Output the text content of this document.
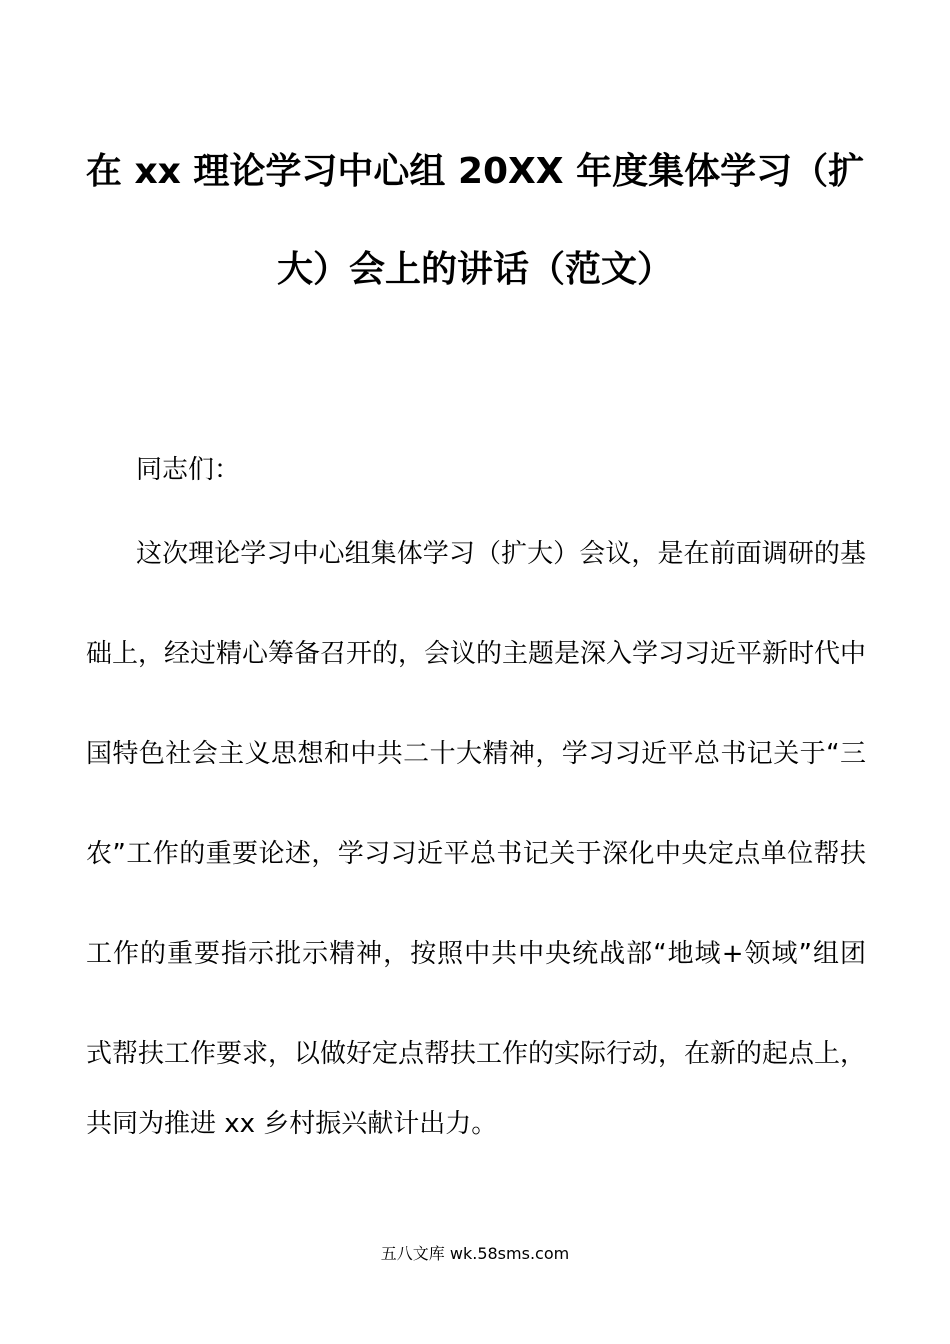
在 xx 理论学习中心组 20XX 年度集体学习（扩
大）会上的讲话（范文）
同志们：
这次理论学习中心组集体学习（扩大）会议，是在前面调研的基
础上，经过精心筹备召开的，会议的主题是深入学习习近平新时代中
国特色社会主义思想和中共二十大精神，学习习近平总书记关于“三
农”工作的重要论述，学习习近平总书记关于深化中央定点单位帮扶
工作的重要指示批示精神，按照中共中央统战部“地域+领域”组团
式帮扶工作要求，以做好定点帮扶工作的实际行动，在新的起点上，
共同为推进 xx 乡村振兴献计出力。
五八文库 wk.58sms.com
